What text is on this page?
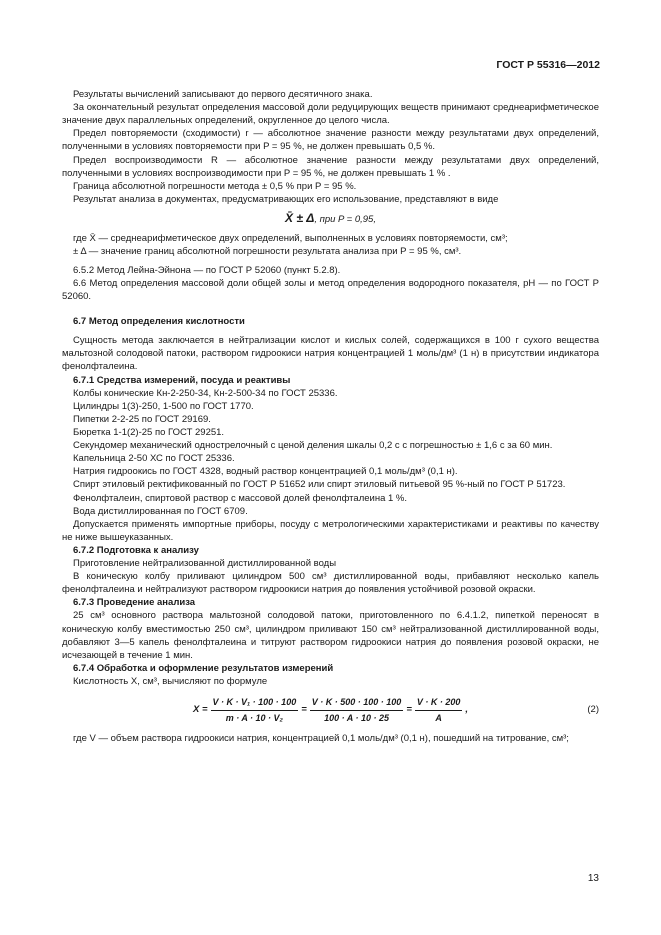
ГОСТ Р 55316—2012

Результаты вычислений записывают до первого десятичного знака.

За окончательный результат определения массовой доли редуцирующих веществ принимают среднеарифметическое значение двух параллельных определений, округленное до целого числа.

Предел повторяемости (сходимости) r — абсолютное значение разности между результатами двух определений, полученными в условиях повторяемости при P = 95 %, не должен превышать 0,5 %.

Предел воспроизводимости R — абсолютное значение разности между результатами двух определений, полученными в условиях воспроизводимости при P = 95 %, не должен превышать 1 % .

Граница абсолютной погрешности метода ± 0,5 % при P = 95 %.

Результат анализа в документах, предусматривающих его использование, представляют в виде

X̄ ± Δ, при P = 0,95,

где X̄ — среднеарифметическое двух определений, выполненных в условиях повторяемости, см³;

± Δ — значение границ абсолютной погрешности результата анализа при P = 95 %, см³.

6.5.2 Метод Лейна-Эйнона — по ГОСТ Р 52060 (пункт 5.2.8).

6.6 Метод определения массовой доли общей золы и метод определения водородного показателя, pH — по ГОСТ Р 52060.

6.7 Метод определения кислотности

Сущность метода заключается в нейтрализации кислот и кислых солей, содержащихся в 100 г сухого вещества мальтозной солодовой патоки, раствором гидроокиси натрия концентрацией 1 моль/дм³ (1 н) в присутствии индикатора фенолфталеина.

6.7.1 Средства измерений, посуда и реактивы

Колбы конические Кн-2-250-34, Кн-2-500-34 по ГОСТ 25336.

Цилиндры 1(3)-250, 1-500 по ГОСТ 1770.

Пипетки 2-2-25 по ГОСТ 29169.

Бюретка 1-1(2)-25 по ГОСТ 29251.

Секундомер механический однострелочный с ценой деления шкалы 0,2 с с погрешностью ± 1,6 с за 60 мин.

Капельница 2-50 ХС по ГОСТ 25336.

Натрия гидроокись по ГОСТ 4328, водный раствор концентрацией 0,1 моль/дм³ (0,1 н).

Спирт этиловый ректификованный по ГОСТ Р 51652 или спирт этиловый питьевой 95 %-ный по ГОСТ Р 51723.

Фенолфталеин, спиртовой раствор с массовой долей фенолфталеина 1 %.

Вода дистиллированная по ГОСТ 6709.

Допускается применять импортные приборы, посуду с метрологическими характеристиками и реактивы по качеству не ниже вышеуказанных.

6.7.2 Подготовка к анализу

Приготовление нейтрализованной дистиллированной воды

В коническую колбу приливают цилиндром 500 см³ дистиллированной воды, прибавляют несколько капель фенолфталеина и нейтрализуют раствором гидроокиси натрия до появления устойчивой розовой окраски.

6.7.3 Проведение анализа

25 см³ основного раствора мальтозной солодовой патоки, приготовленного по 6.4.1.2, пипеткой переносят в коническую колбу вместимостью 250 см³, цилиндром приливают 150 см³ нейтрализованной дистиллированной воды, добавляют 3—5 капель фенолфталеина и титруют раствором гидроокиси натрия до появления розовой окраски, не исчезающей в течение 1 мин.

6.7.4 Обработка и оформление результатов измерений

Кислотность X, см³, вычисляют по формуле

$X = \frac{\text{V · K · V₁ · 100 · 100}}{\text{m · A · 10 · V₂}} = \frac{V \cdot K \cdot 500 \cdot 100 \cdot 100}{100 \cdot A \cdot 10 \cdot 25} = \frac{V \cdot K \cdot 200}{A}$ ,	(2)

где V — объем раствора гидроокиси натрия, концентрацией 0,1 моль/дм³ (0,1 н), пошедший на титрование, см³;

13
